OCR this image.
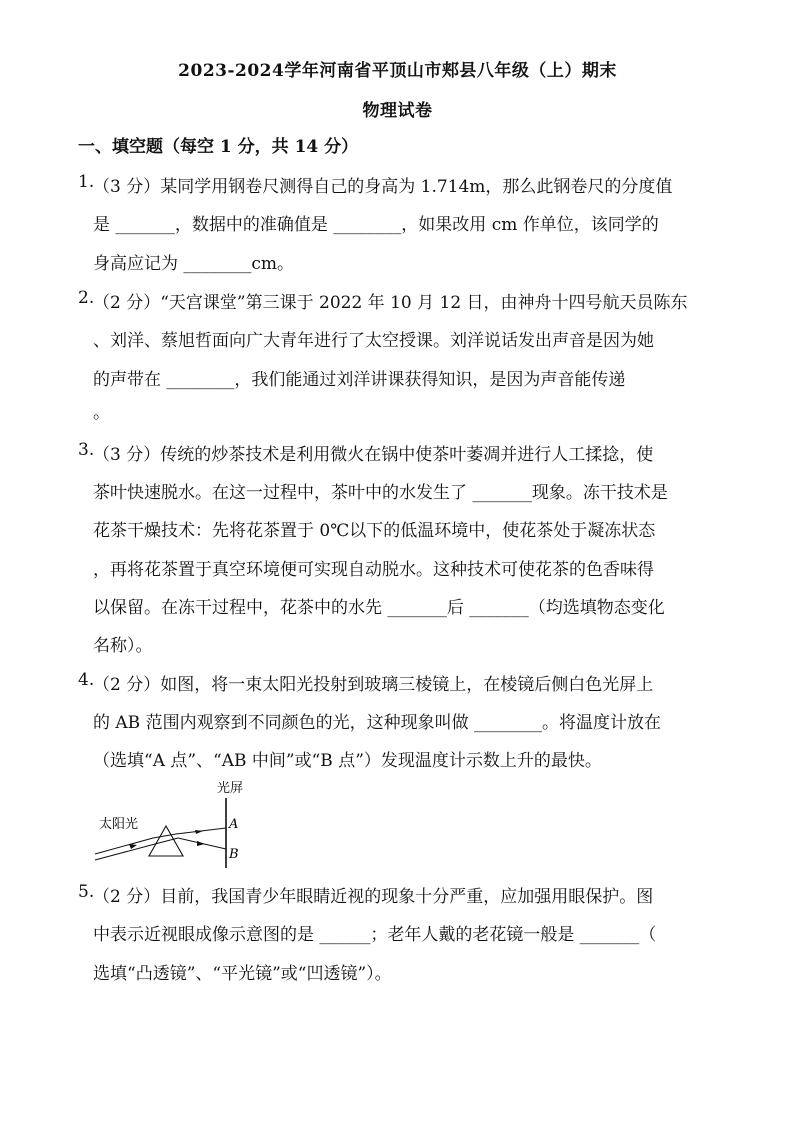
2023-2024学年河南省平顶山市郏县八年级（上）期末
物理试卷
一、填空题（每空 1 分，共 14 分）
1.
（3 分）某同学用钢卷尺测得自己的身高为 1.714m，那么此钢卷尺的分度值
是 _______，数据中的准确值是 ________，如果改用 cm 作单位，该同学的
身高应记为 ________cm。
2.
（2 分）“天宫课堂”第三课于 2022 年 10 月 12 日，由神舟十四号航天员陈东
、刘洋、蔡旭哲面向广大青年进行了太空授课。刘洋说话发出声音是因为她
的声带在 ________，我们能通过刘洋讲课获得知识，是因为声音能传递
。
3.
（3 分）传统的炒茶技术是利用微火在锅中使茶叶萎凋并进行人工揉捻，使
茶叶快速脱水。在这一过程中，茶叶中的水发生了 _______现象。冻干技术是
花茶干燥技术：先将花茶置于 0℃以下的低温环境中，使花茶处于凝冻状态
，再将花茶置于真空环境便可实现自动脱水。这种技术可使花茶的色香味得
以保留。在冻干过程中，花茶中的水先 _______后 _______（均选填物态变化
名称）。
4.
（2 分）如图，将一束太阳光投射到玻璃三棱镜上，在棱镜后侧白色光屏上
的 AB 范围内观察到不同颜色的光，这种现象叫做 ________。将温度计放在
（选填“A 点”、“AB 中间”或“B 点”）发现温度计示数上升的最快。
光屏
太阳光	A
B
5.
（2 分）目前，我国青少年眼睛近视的现象十分严重，应加强用眼保护。图
中表示近视眼成像示意图的是 ______；老年人戴的老花镜一般是 _______（
选填“凸透镜”、“平光镜”或“凹透镜”）。
